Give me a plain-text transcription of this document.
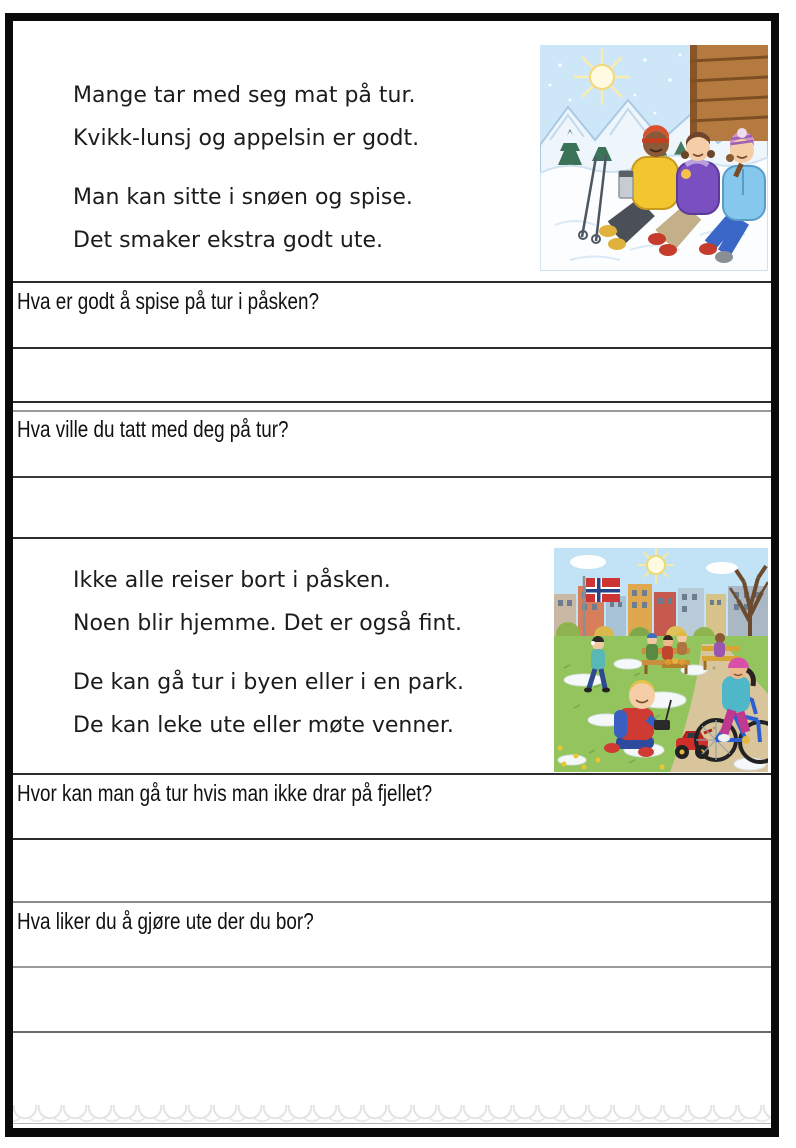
Mange tar med seg mat på tur.
Kvikk-lunsj og appelsin er godt.
Man kan sitte i snøen og spise.
Det smaker ekstra godt ute.
Hva er godt å spise på tur i påsken?
Hva ville du tatt med deg på tur?
Ikke alle reiser bort i påsken.
Noen blir hjemme. Det er også fint.
De kan gå tur i byen eller i en park.
De kan leke ute eller møte venner.
Hvor kan man gå tur hvis man ikke drar på fjellet?
Hva liker du å gjøre ute der du bor?
